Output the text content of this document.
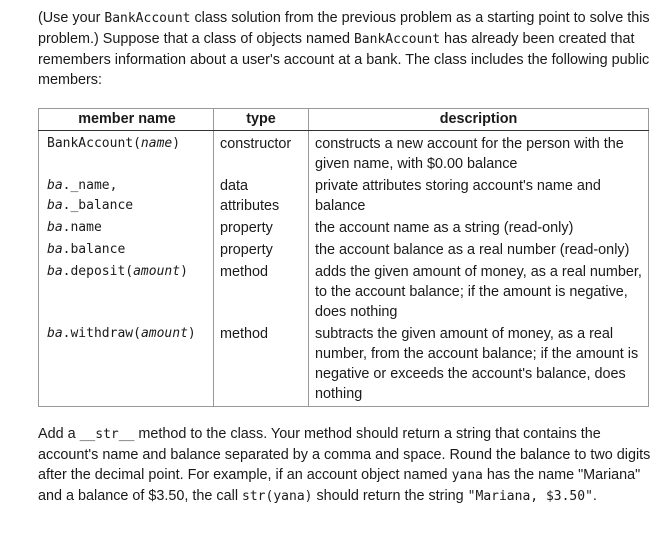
(Use your BankAccount class solution from the previous problem as a starting point to solve this problem.) Suppose that a class of objects named BankAccount has already been created that remembers information about a user's account at a bank. The class includes the following public members:

member name	type	description

BankAccount(name)	constructor	constructs a new account for the person with the given name, with $0.00 balance

ba._name,
ba._balance	data attributes	private attributes storing account's name and balance

ba.name	property	the account name as a string (read-only)

ba.balance	property	the account balance as a real number (read-only)

ba.deposit(amount)	method	adds the given amount of money, as a real number, to the account balance; if the amount is negative, does nothing

ba.withdraw(amount)	method	subtracts the given amount of money, as a real number, from the account balance; if the amount is negative or exceeds the account's balance, does nothing

Add a __str__ method to the class. Your method should return a string that contains the account's name and balance separated by a comma and space. Round the balance to two digits after the decimal point. For example, if an account object named yana has the name "Mariana" and a balance of $3.50, the call str(yana) should return the string "Mariana, $3.50".
